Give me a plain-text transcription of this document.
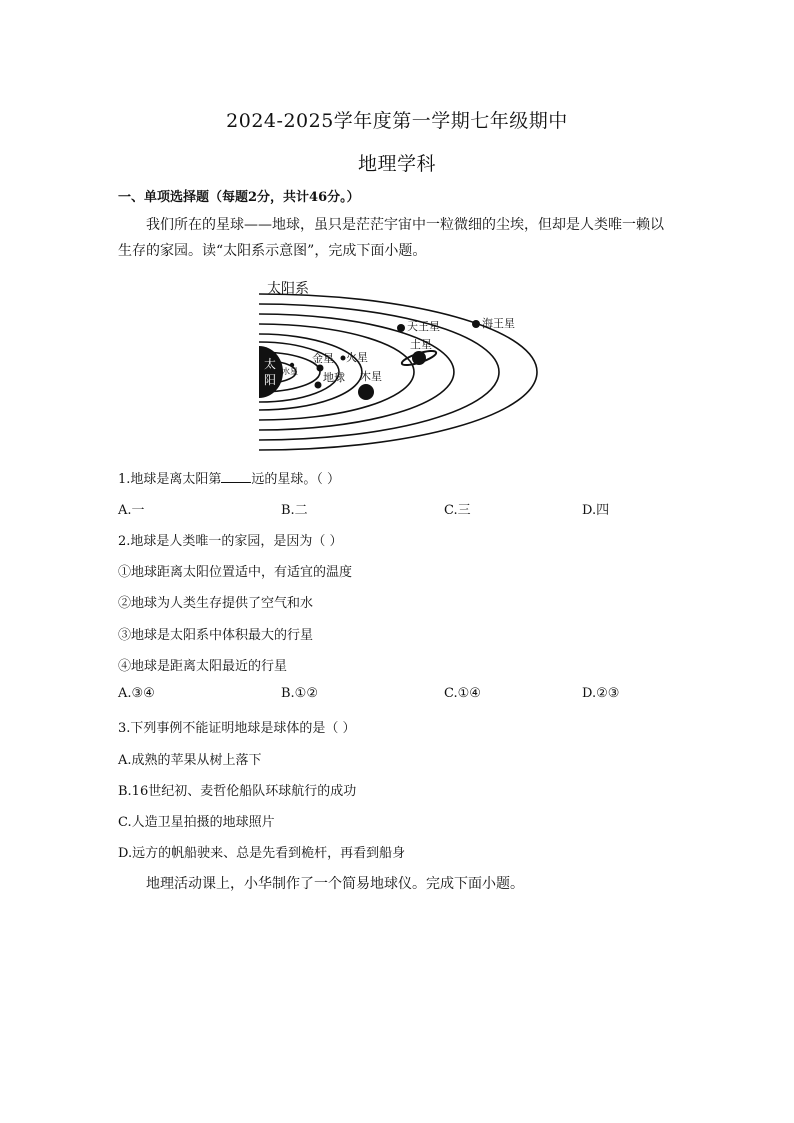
2024-2025学年度第一学期七年级期中
地理学科
一、单项选择题（每题2分，共计46分。）
我们所在的星球——地球，虽只是茫茫宇宙中一粒微细的尘埃，但却是人类唯一赖以
生存的家园。读“太阳系示意图”，完成下面小题。
太阳系
太
阳
水星
金星
地球
火星
木星
土星
天王星	海王星
1.地球是离太阳第 远的星球。（ ）
A.一	B.二	C.三	D.四
2.地球是人类唯一的家园，是因为（ ）
①地球距离太阳位置适中，有适宜的温度
②地球为人类生存提供了空气和水
③地球是太阳系中体积最大的行星
④地球是距离太阳最近的行星
A.③④	B.①②	C.①④	D.②③
3.下列事例不能证明地球是球体的是（ ）
A.成熟的苹果从树上落下
B.16世纪初、麦哲伦船队环球航行的成功
C.人造卫星拍摄的地球照片
D.远方的帆船驶来、总是先看到桅杆，再看到船身
地理活动课上，小华制作了一个简易地球仪。完成下面小题。
